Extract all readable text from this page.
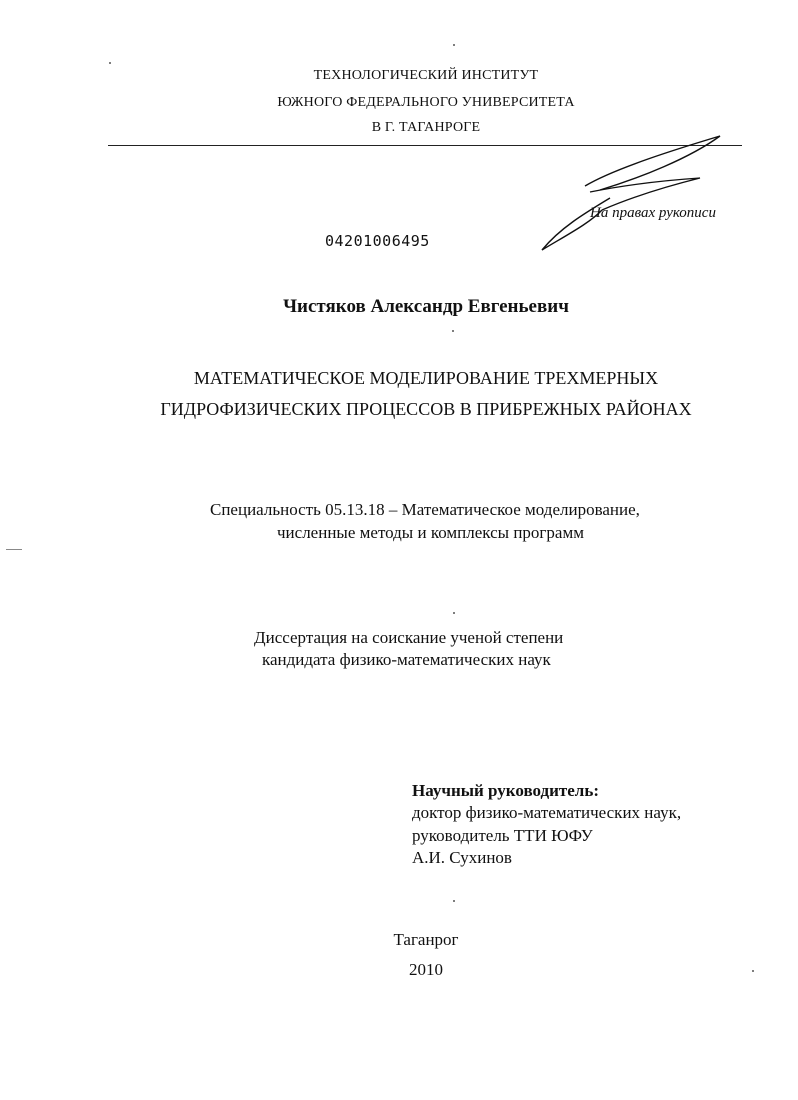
ТЕХНОЛОГИЧЕСКИЙ ИНСТИТУТ
ЮЖНОГО ФЕДЕРАЛЬНОГО УНИВЕРСИТЕТА
В Г. ТАГАНРОГЕ
На правах рукописи
04201006495
Чистяков Александр Евгеньевич
МАТЕМАТИЧЕСКОЕ МОДЕЛИРОВАНИЕ ТРЕХМЕРНЫХ
ГИДРОФИЗИЧЕСКИХ ПРОЦЕССОВ В ПРИБРЕЖНЫХ РАЙОНАХ
Специальность 05.13.18 – Математическое моделирование,
численные методы и комплексы программ
Диссертация на соискание ученой степени
кандидата физико-математических наук
Научный руководитель:
доктор физико-математических наук,
руководитель ТТИ ЮФУ
А.И. Сухинов
Таганрог
2010
